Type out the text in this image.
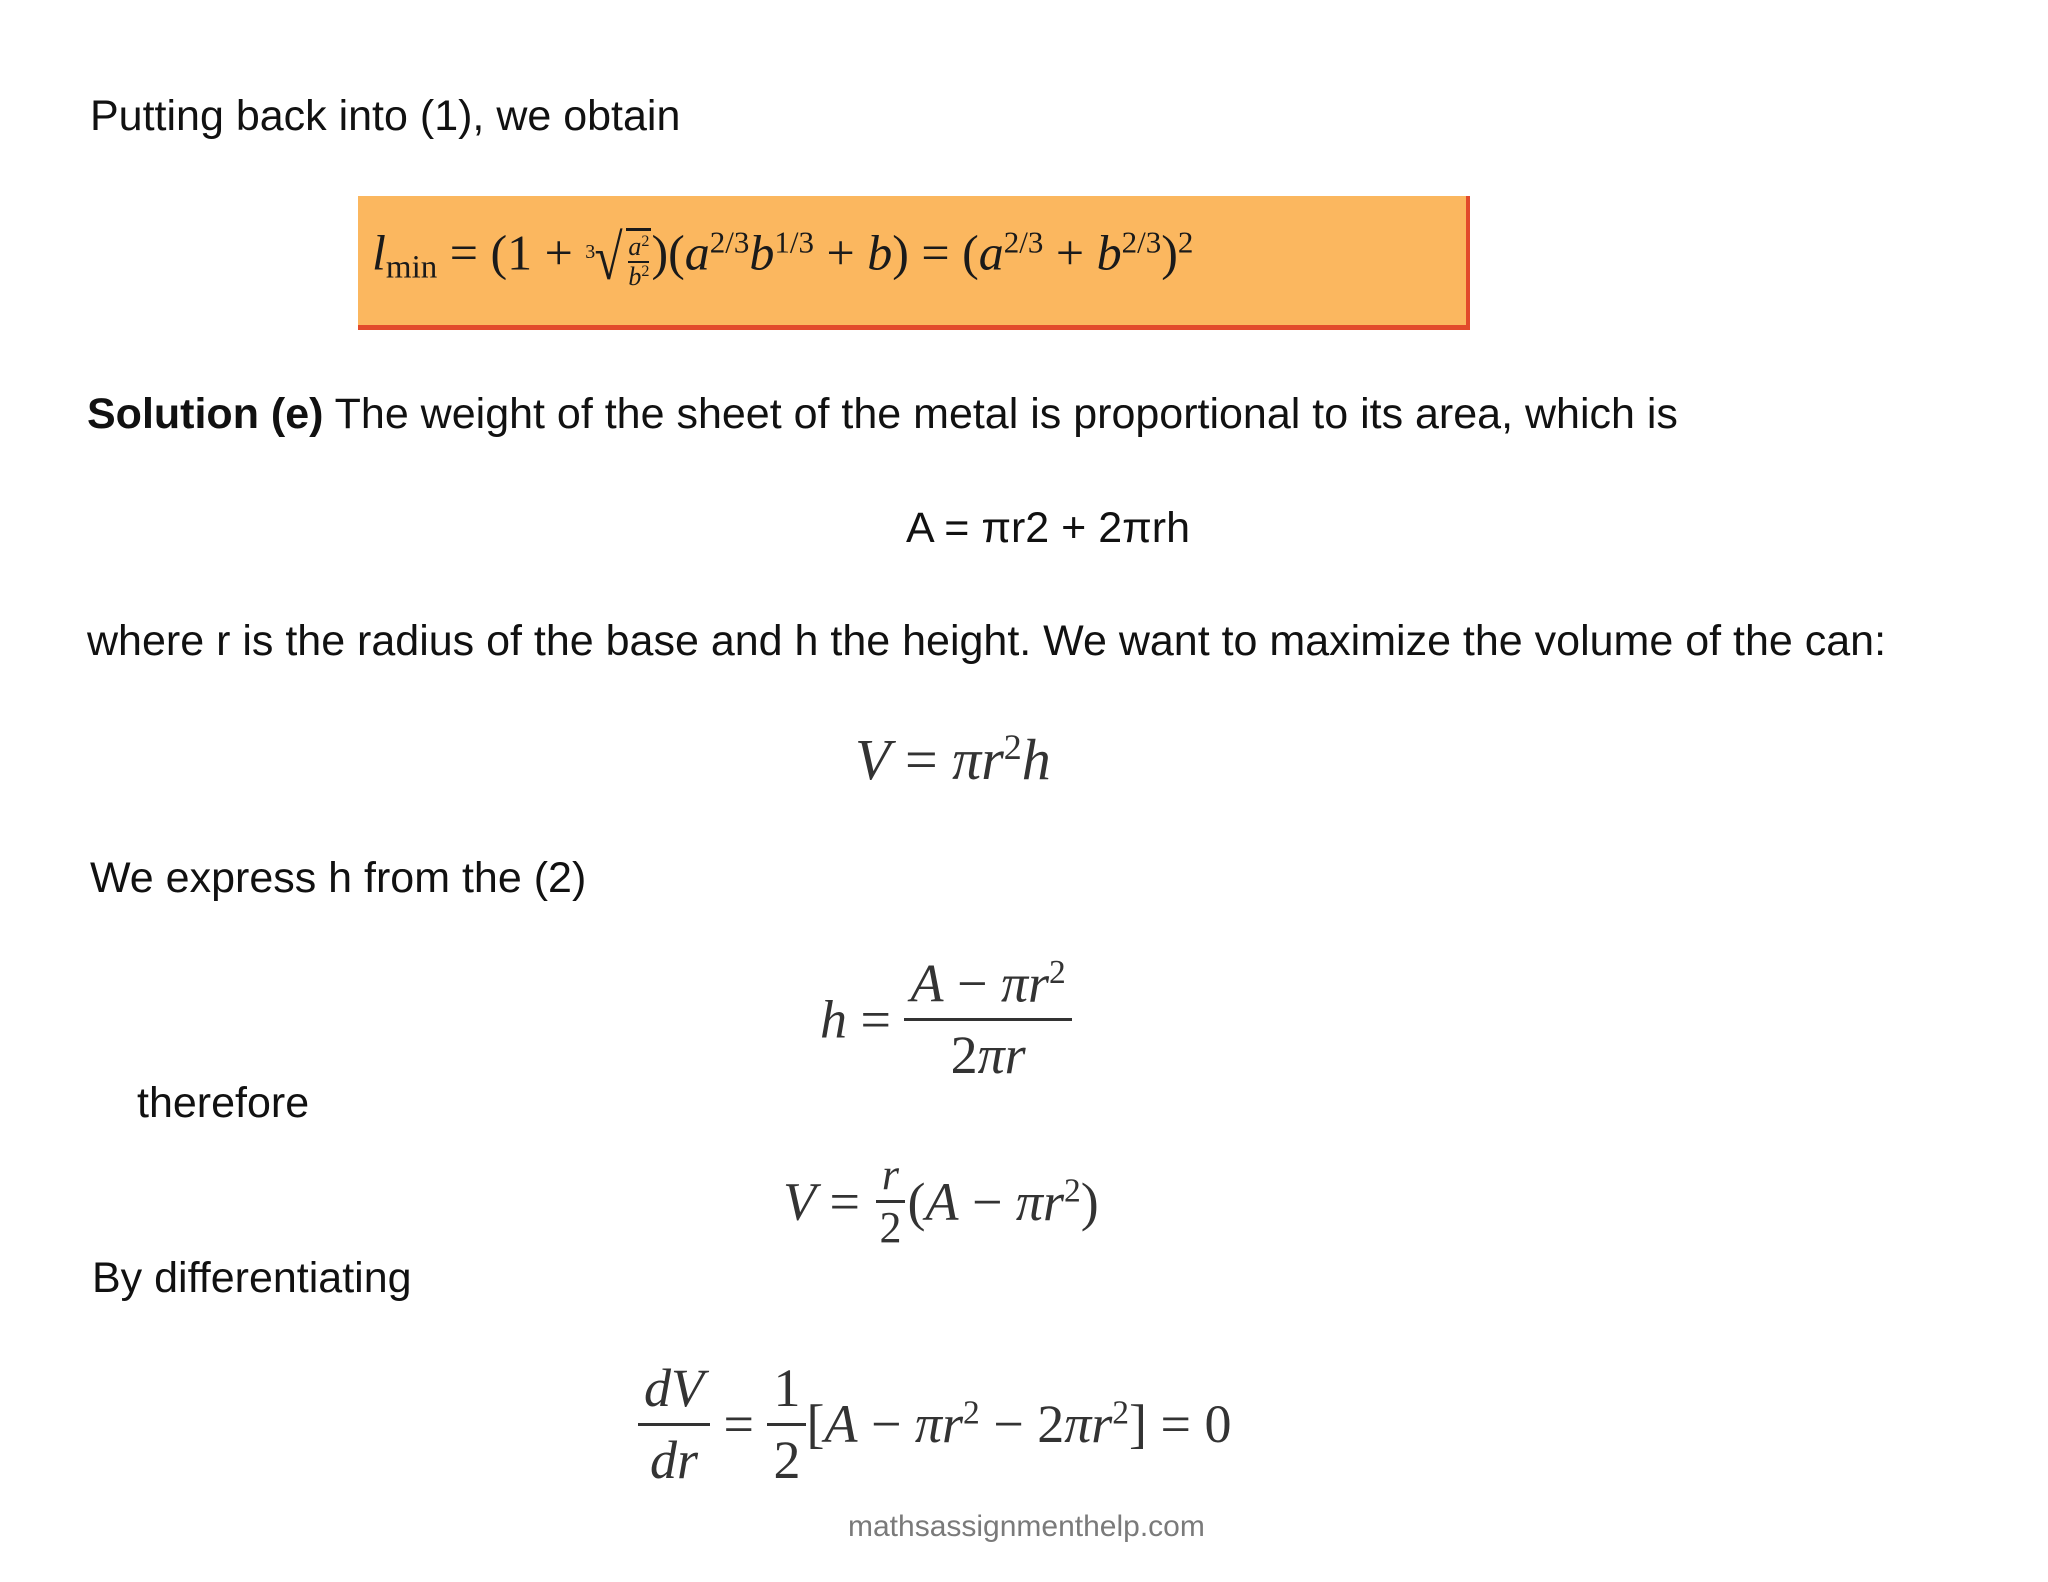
Putting back into (1), we obtain
$l_{min} = (1 + 3$ √ $a^2$
$b^2$ )$(a^{2/3}b^{1/3} + b) = (a^{2/3} + b^{2/3})^2$
Solution (e) The weight of the sheet of the metal is proportional to its area, which is
A = πr2 + 2πrh
where r is the radius of the base and h the height. We want to maximize the volume of the can:
$V = \pi r^2h$
We express h from the (2)
$h = \frac{A - \pi r^2}{2\pi r}$
therefore
$V = \frac{r}{2} (A - \pi r^2)$
By differentiating
$\frac{dV}{dr} = \frac{1}{2} [A - \pi r^2 - 2\pi r^2] = 0$
mathsassignmenthelp.com
